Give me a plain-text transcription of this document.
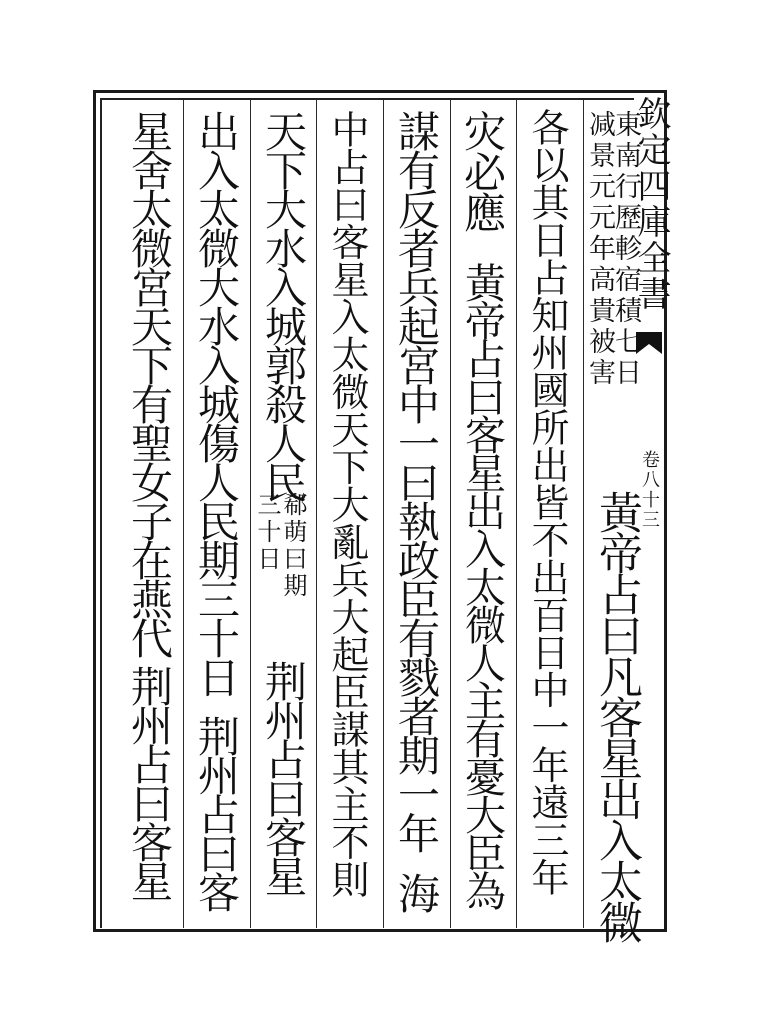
欽定四庫全書
卷八十三
東南行歷軫宿積七日
减景元元年高貴被害
黃帝占曰凡客星出入太微
各以其日占知州國所出皆不出百日中一年遠三年
灾必應
黃帝占曰客星出入太微人主有憂大臣為
謀有反者兵起宮中一曰執政臣有戮者期一年
海
中占曰客星入太微天下大亂兵大起臣謀其主不則
天下大水入城郭殺人民
郗萌曰期
三十日
荆州占曰客星
出入太微大水入城傷人民期三十日
荆州占曰客
星舍太微宮天下有聖女子在燕代
荆州占曰客星
